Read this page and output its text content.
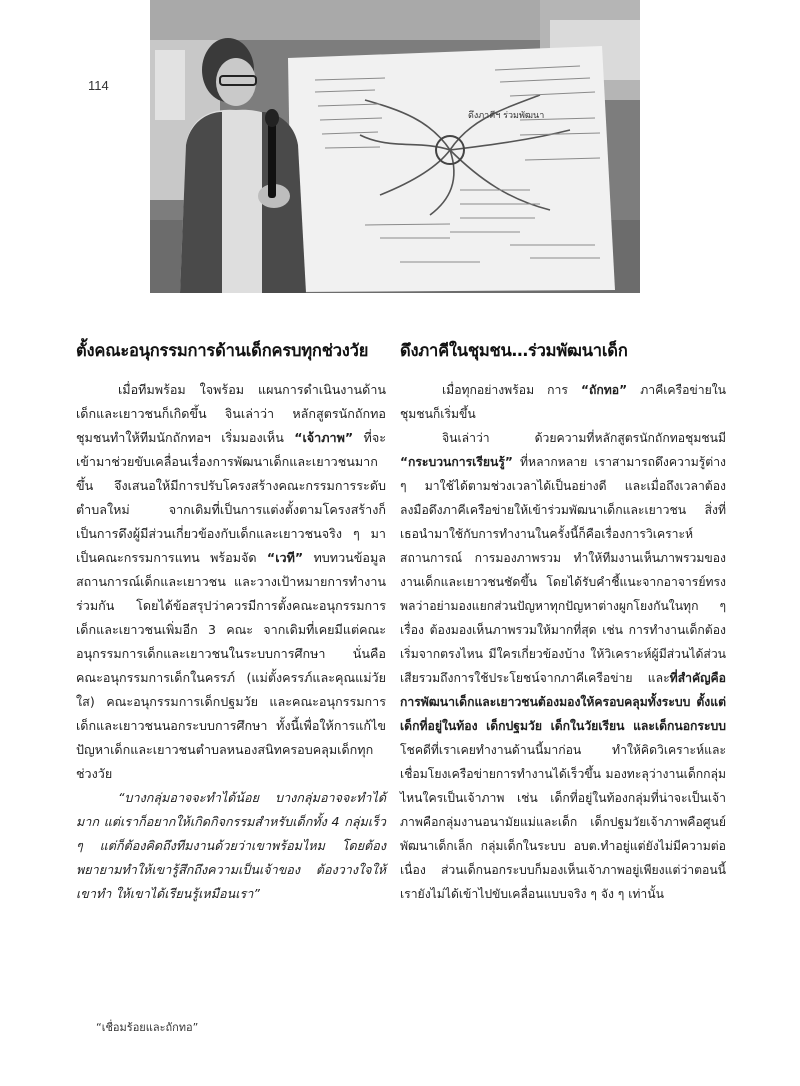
114
ดึงภาคีฯ ร่วมพัฒนา
ตั้งคณะอนุกรรมการด้านเด็กครบทุกช่วงวัย

เมื่อทีมพร้อม ใจพร้อม แผนการดำเนินงานด้านเด็กและเยาวชนก็เกิดขึ้น จินเล่าว่า หลักสูตรนักถักทอชุมชนทำให้ทีมนักถักทอฯ เริ่มมองเห็น “เจ้าภาพ” ที่จะเข้ามาช่วยขับเคลื่อนเรื่องการพัฒนาเด็กและเยาวชนมากขึ้น จึงเสนอให้มีการปรับโครงสร้างคณะกรรมการระดับตำบลใหม่ จากเดิมที่เป็นการแต่งตั้งตามโครงสร้างก็เป็นการดึงผู้มีส่วนเกี่ยวข้องกับเด็กและเยาวชนจริง ๆ มาเป็นคณะกรรมการแทน พร้อมจัด “เวที” ทบทวนข้อมูลสถานการณ์เด็กและเยาวชน และวางเป้าหมายการทำงานร่วมกัน โดยได้ข้อสรุปว่าควรมีการตั้งคณะอนุกรรมการเด็กและเยาวชนเพิ่มอีก 3 คณะ จากเดิมที่เคยมีแต่คณะอนุกรรมการเด็กและเยาวชนในระบบการศึกษา นั่นคือ คณะอนุกรรมการเด็กในครรภ์ (แม่ตั้งครรภ์และคุณแม่วัยใส) คณะอนุกรรมการเด็กปฐมวัย และคณะอนุกรรมการเด็กและเยาวชนนอกระบบการศึกษา ทั้งนี้เพื่อให้การแก้ไขปัญหาเด็กและเยาวชนตำบลหนองสนิทครอบคลุมเด็กทุกช่วงวัย

“บางกลุ่มอาจจะทำได้น้อย บางกลุ่มอาจจะทำได้มาก แต่เราก็อยากให้เกิดกิจกรรมสำหรับเด็กทั้ง 4 กลุ่มเร็ว ๆ แต่ก็ต้องคิดถึงทีมงานด้วยว่าเขาพร้อมไหม โดยต้องพยายามทำให้เขารู้สึกถึงความเป็นเจ้าของ ต้องวางใจให้เขาทำ ให้เขาได้เรียนรู้เหมือนเรา”

ดึงภาคีในชุมชน…ร่วมพัฒนาเด็ก

เมื่อทุกอย่างพร้อม การ “ถักทอ” ภาคีเครือข่ายในชุมชนก็เริ่มขึ้น

จินเล่าว่า ด้วยความที่หลักสูตรนักถักทอชุมชนมี “กระบวนการเรียนรู้” ที่หลากหลาย เราสามารถดึงความรู้ต่าง ๆ มาใช้ได้ตามช่วงเวลาได้เป็นอย่างดี และเมื่อถึงเวลาต้องลงมือดึงภาคีเครือข่ายให้เข้าร่วมพัฒนาเด็กและเยาวชน สิ่งที่เธอนำมาใช้กับการทำงานในครั้งนี้ก็คือเรื่องการวิเคราะห์สถานการณ์ การมองภาพรวม ทำให้ทีมงานเห็นภาพรวมของงานเด็กและเยาวชนชัดขึ้น โดยได้รับคำชี้แนะจากอาจารย์ทรงพลว่าอย่ามองแยกส่วนปัญหาทุกปัญหาต่างผูกโยงกันในทุก ๆ เรื่อง ต้องมองเห็นภาพรวมให้มากที่สุด เช่น การทำงานเด็กต้องเริ่มจากตรงไหน มีใครเกี่ยวข้องบ้าง ให้วิเคราะห์ผู้มีส่วนได้ส่วนเสียรวมถึงการใช้ประโยชน์จากภาคีเครือข่าย และที่สำคัญคือการพัฒนาเด็กและเยาวชนต้องมองให้ครอบคลุมทั้งระบบ ตั้งแต่เด็กที่อยู่ในท้อง เด็กปฐมวัย เด็กในวัยเรียน และเด็กนอกระบบ โชคดีที่เราเคยทำงานด้านนี้มาก่อน ทำให้คิดวิเคราะห์และเชื่อมโยงเครือข่ายการทำงานได้เร็วขึ้น มองทะลุว่างานเด็กกลุ่มไหนใครเป็นเจ้าภาพ เช่น เด็กที่อยู่ในท้องกลุ่มที่น่าจะเป็นเจ้าภาพคือกลุ่มงานอนามัยแม่และเด็ก เด็กปฐมวัยเจ้าภาพคือศูนย์พัฒนาเด็กเล็ก กลุ่มเด็กในระบบ อบต.ทำอยู่แต่ยังไม่มีความต่อเนื่อง ส่วนเด็กนอกระบบก็มองเห็นเจ้าภาพอยู่เพียงแต่ว่าตอนนี้เรายังไม่ได้เข้าไปขับเคลื่อนแบบจริง ๆ จัง ๆ เท่านั้น

“เชื่อมร้อยและถักทอ”
